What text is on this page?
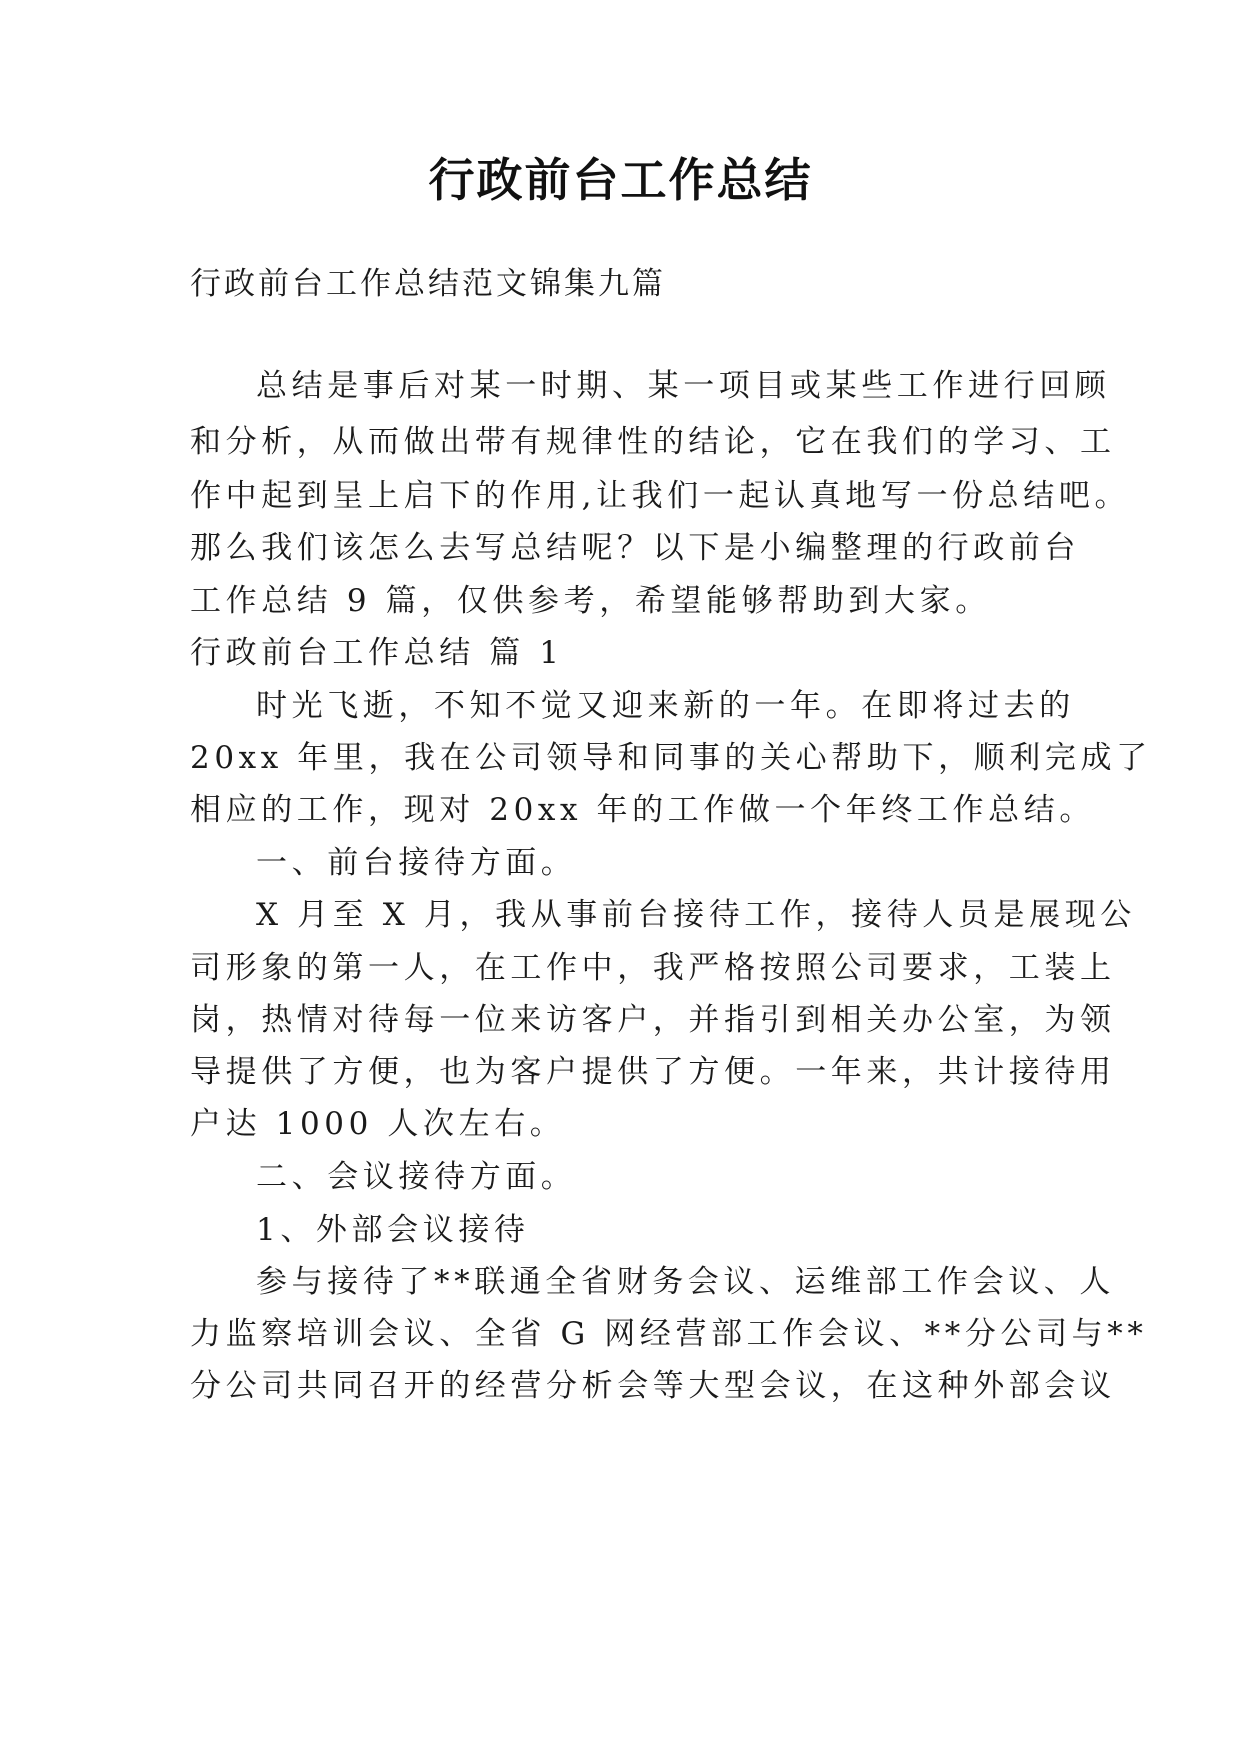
行政前台工作总结
行政前台工作总结范文锦集九篇
总结是事后对某一时期、某一项目或某些工作进行回顾
和分析，从而做出带有规律性的结论，它在我们的学习、工
作中起到呈上启下的作用,让我们一起认真地写一份总结吧。
那么我们该怎么去写总结呢？以下是小编整理的行政前台
工作总结 9 篇，仅供参考，希望能够帮助到大家。
行政前台工作总结 篇 1
时光飞逝，不知不觉又迎来新的一年。在即将过去的
20xx 年里，我在公司领导和同事的关心帮助下，顺利完成了
相应的工作，现对 20xx 年的工作做一个年终工作总结。
一、前台接待方面。
X 月至 X 月，我从事前台接待工作，接待人员是展现公
司形象的第一人，在工作中，我严格按照公司要求，工装上
岗，热情对待每一位来访客户，并指引到相关办公室，为领
导提供了方便，也为客户提供了方便。一年来，共计接待用
户达 1000 人次左右。
二、会议接待方面。
1、外部会议接待
参与接待了**联通全省财务会议、运维部工作会议、人
力监察培训会议、全省 G 网经营部工作会议、**分公司与**
分公司共同召开的经营分析会等大型会议，在这种外部会议
